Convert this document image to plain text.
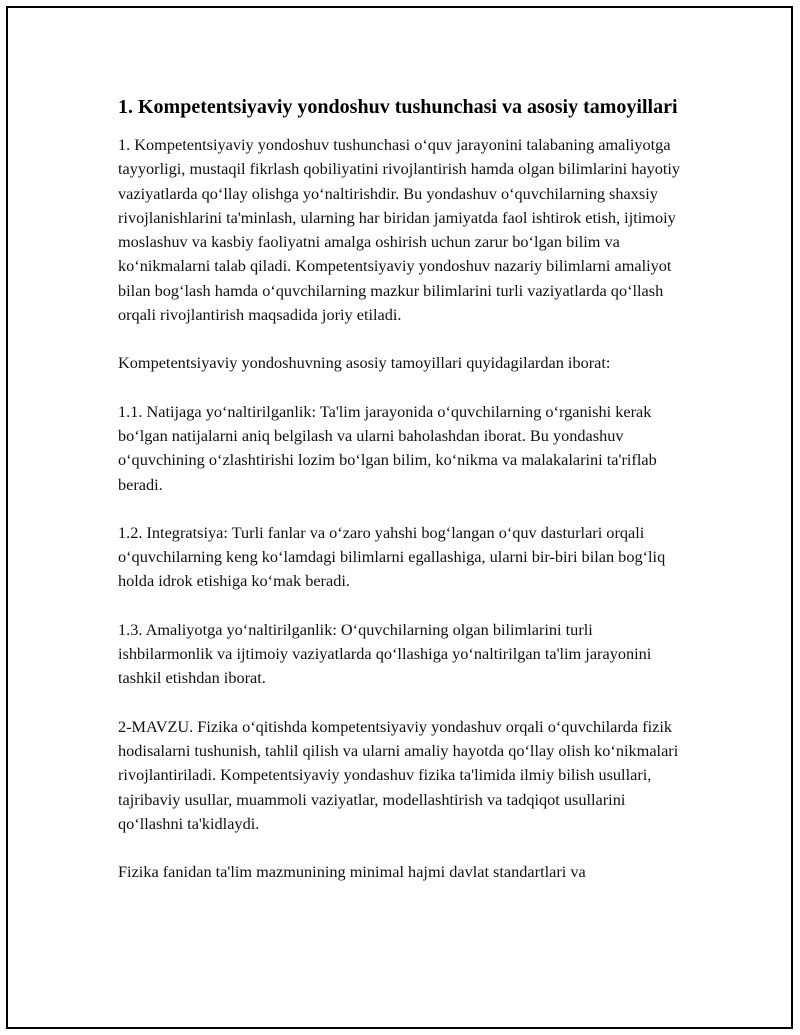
1. Kompetentsiyaviy yondoshuv tushunchasi va asosiy tamoyillari

1. Kompetentsiyaviy yondoshuv tushunchasi o‘quv jarayonini talabaning amaliyotga tayyorligi, mustaqil fikrlash qobiliyatini rivojlantirish hamda olgan bilimlarini hayotiy vaziyatlarda qo‘llay olishga yo‘naltirishdir. Bu yondashuv o‘quvchilarning shaxsiy rivojlanishlarini ta'minlash, ularning har biridan jamiyatda faol ishtirok etish, ijtimoiy moslashuv va kasbiy faoliyatni amalga oshirish uchun zarur bo‘lgan bilim va ko‘nikmalarni talab qiladi. Kompetentsiyaviy yondoshuv nazariy bilimlarni amaliyot bilan bog‘lash hamda o‘quvchilarning mazkur bilimlarini turli vaziyatlarda qo‘llash orqali rivojlantirish maqsadida joriy etiladi.

Kompetentsiyaviy yondoshuvning asosiy tamoyillari quyidagilardan iborat:

1.1. Natijaga yo‘naltirilganlik: Ta'lim jarayonida o‘quvchilarning o‘rganishi kerak bo‘lgan natijalarni aniq belgilash va ularni baholashdan iborat. Bu yondashuv o‘quvchining o‘zlashtirishi lozim bo‘lgan bilim, ko‘nikma va malakalarini ta'riflab beradi.

1.2. Integratsiya: Turli fanlar va o‘zaro yahshi bog‘langan o‘quv dasturlari orqali o‘quvchilarning keng ko‘lamdagi bilimlarni egallashiga, ularni bir-biri bilan bog‘liq holda idrok etishiga ko‘mak beradi.

1.3. Amaliyotga yo‘naltirilganlik: O‘quvchilarning olgan bilimlarini turli ishbilarmonlik va ijtimoiy vaziyatlarda qo‘llashiga yo‘naltirilgan ta'lim jarayonini tashkil etishdan iborat.

2-MAVZU. Fizika o‘qitishda kompetentsiyaviy yondashuv orqali o‘quvchilarda fizik hodisalarni tushunish, tahlil qilish va ularni amaliy hayotda qo‘llay olish ko‘nikmalari rivojlantiriladi. Kompetentsiyaviy yondashuv fizika ta'limida ilmiy bilish usullari, tajribaviy usullar, muammoli vaziyatlar, modellashtirish va tadqiqot usullarini qo‘llashni ta'kidlaydi.

Fizika fanidan ta'lim mazmunining minimal hajmi davlat standartlari va
